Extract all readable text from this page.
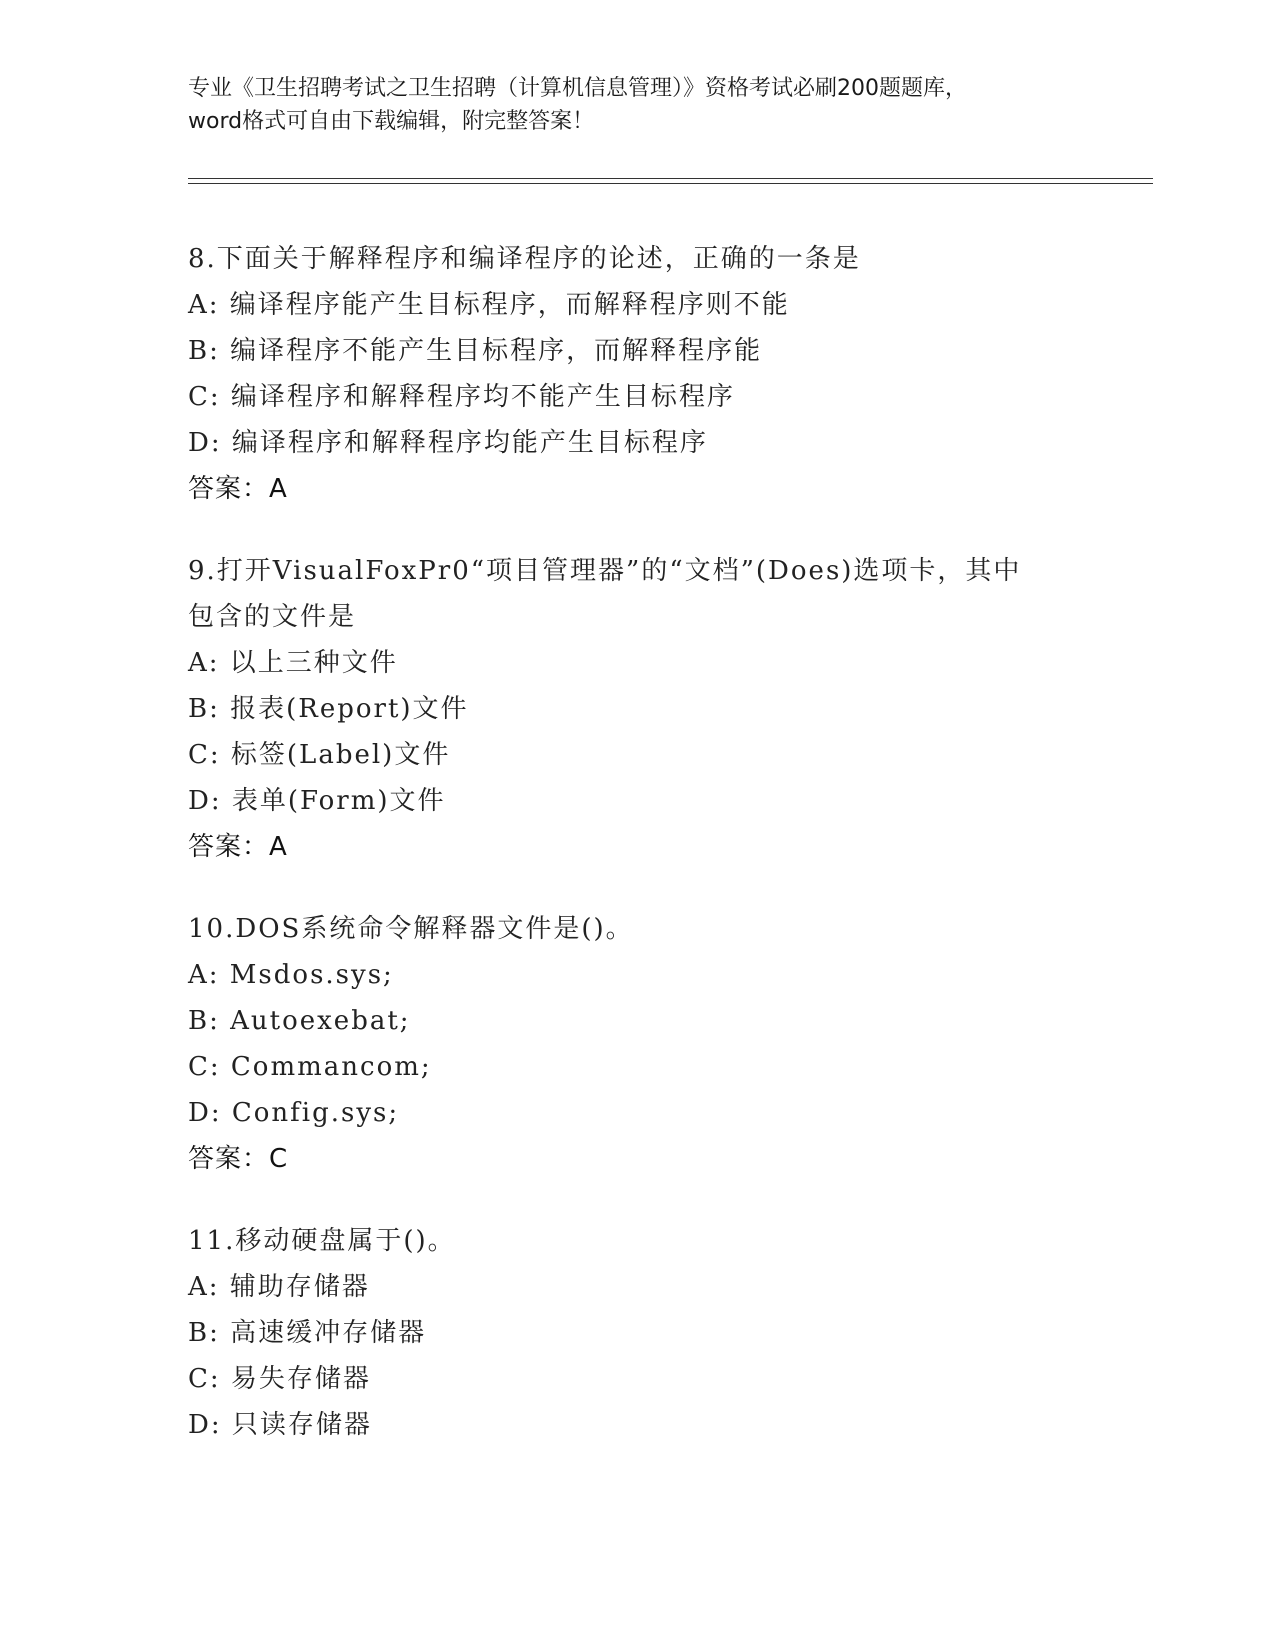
专业《卫生招聘考试之卫生招聘（计算机信息管理）》资格考试必刷200题题库，
word格式可自由下载编辑，附完整答案！
8.下面关于解释程序和编译程序的论述，正确的一条是
A: 编译程序能产生目标程序，而解释程序则不能
B: 编译程序不能产生目标程序，而解释程序能
C: 编译程序和解释程序均不能产生目标程序
D: 编译程序和解释程序均能产生目标程序
答案：A
9.打开VisualFoxPr0“项目管理器”的“文档”(Does)选项卡，其中
包含的文件是
A: 以上三种文件
B: 报表(Report)文件
C: 标签(Label)文件
D: 表单(Form)文件
答案：A
10.DOS系统命令解释器文件是()。
A: Msdos.sys;
B: Autoexebat;
C: Commancom;
D: Config.sys;
答案：C
11.移动硬盘属于()。
A: 辅助存储器
B: 高速缓冲存储器
C: 易失存储器
D: 只读存储器
